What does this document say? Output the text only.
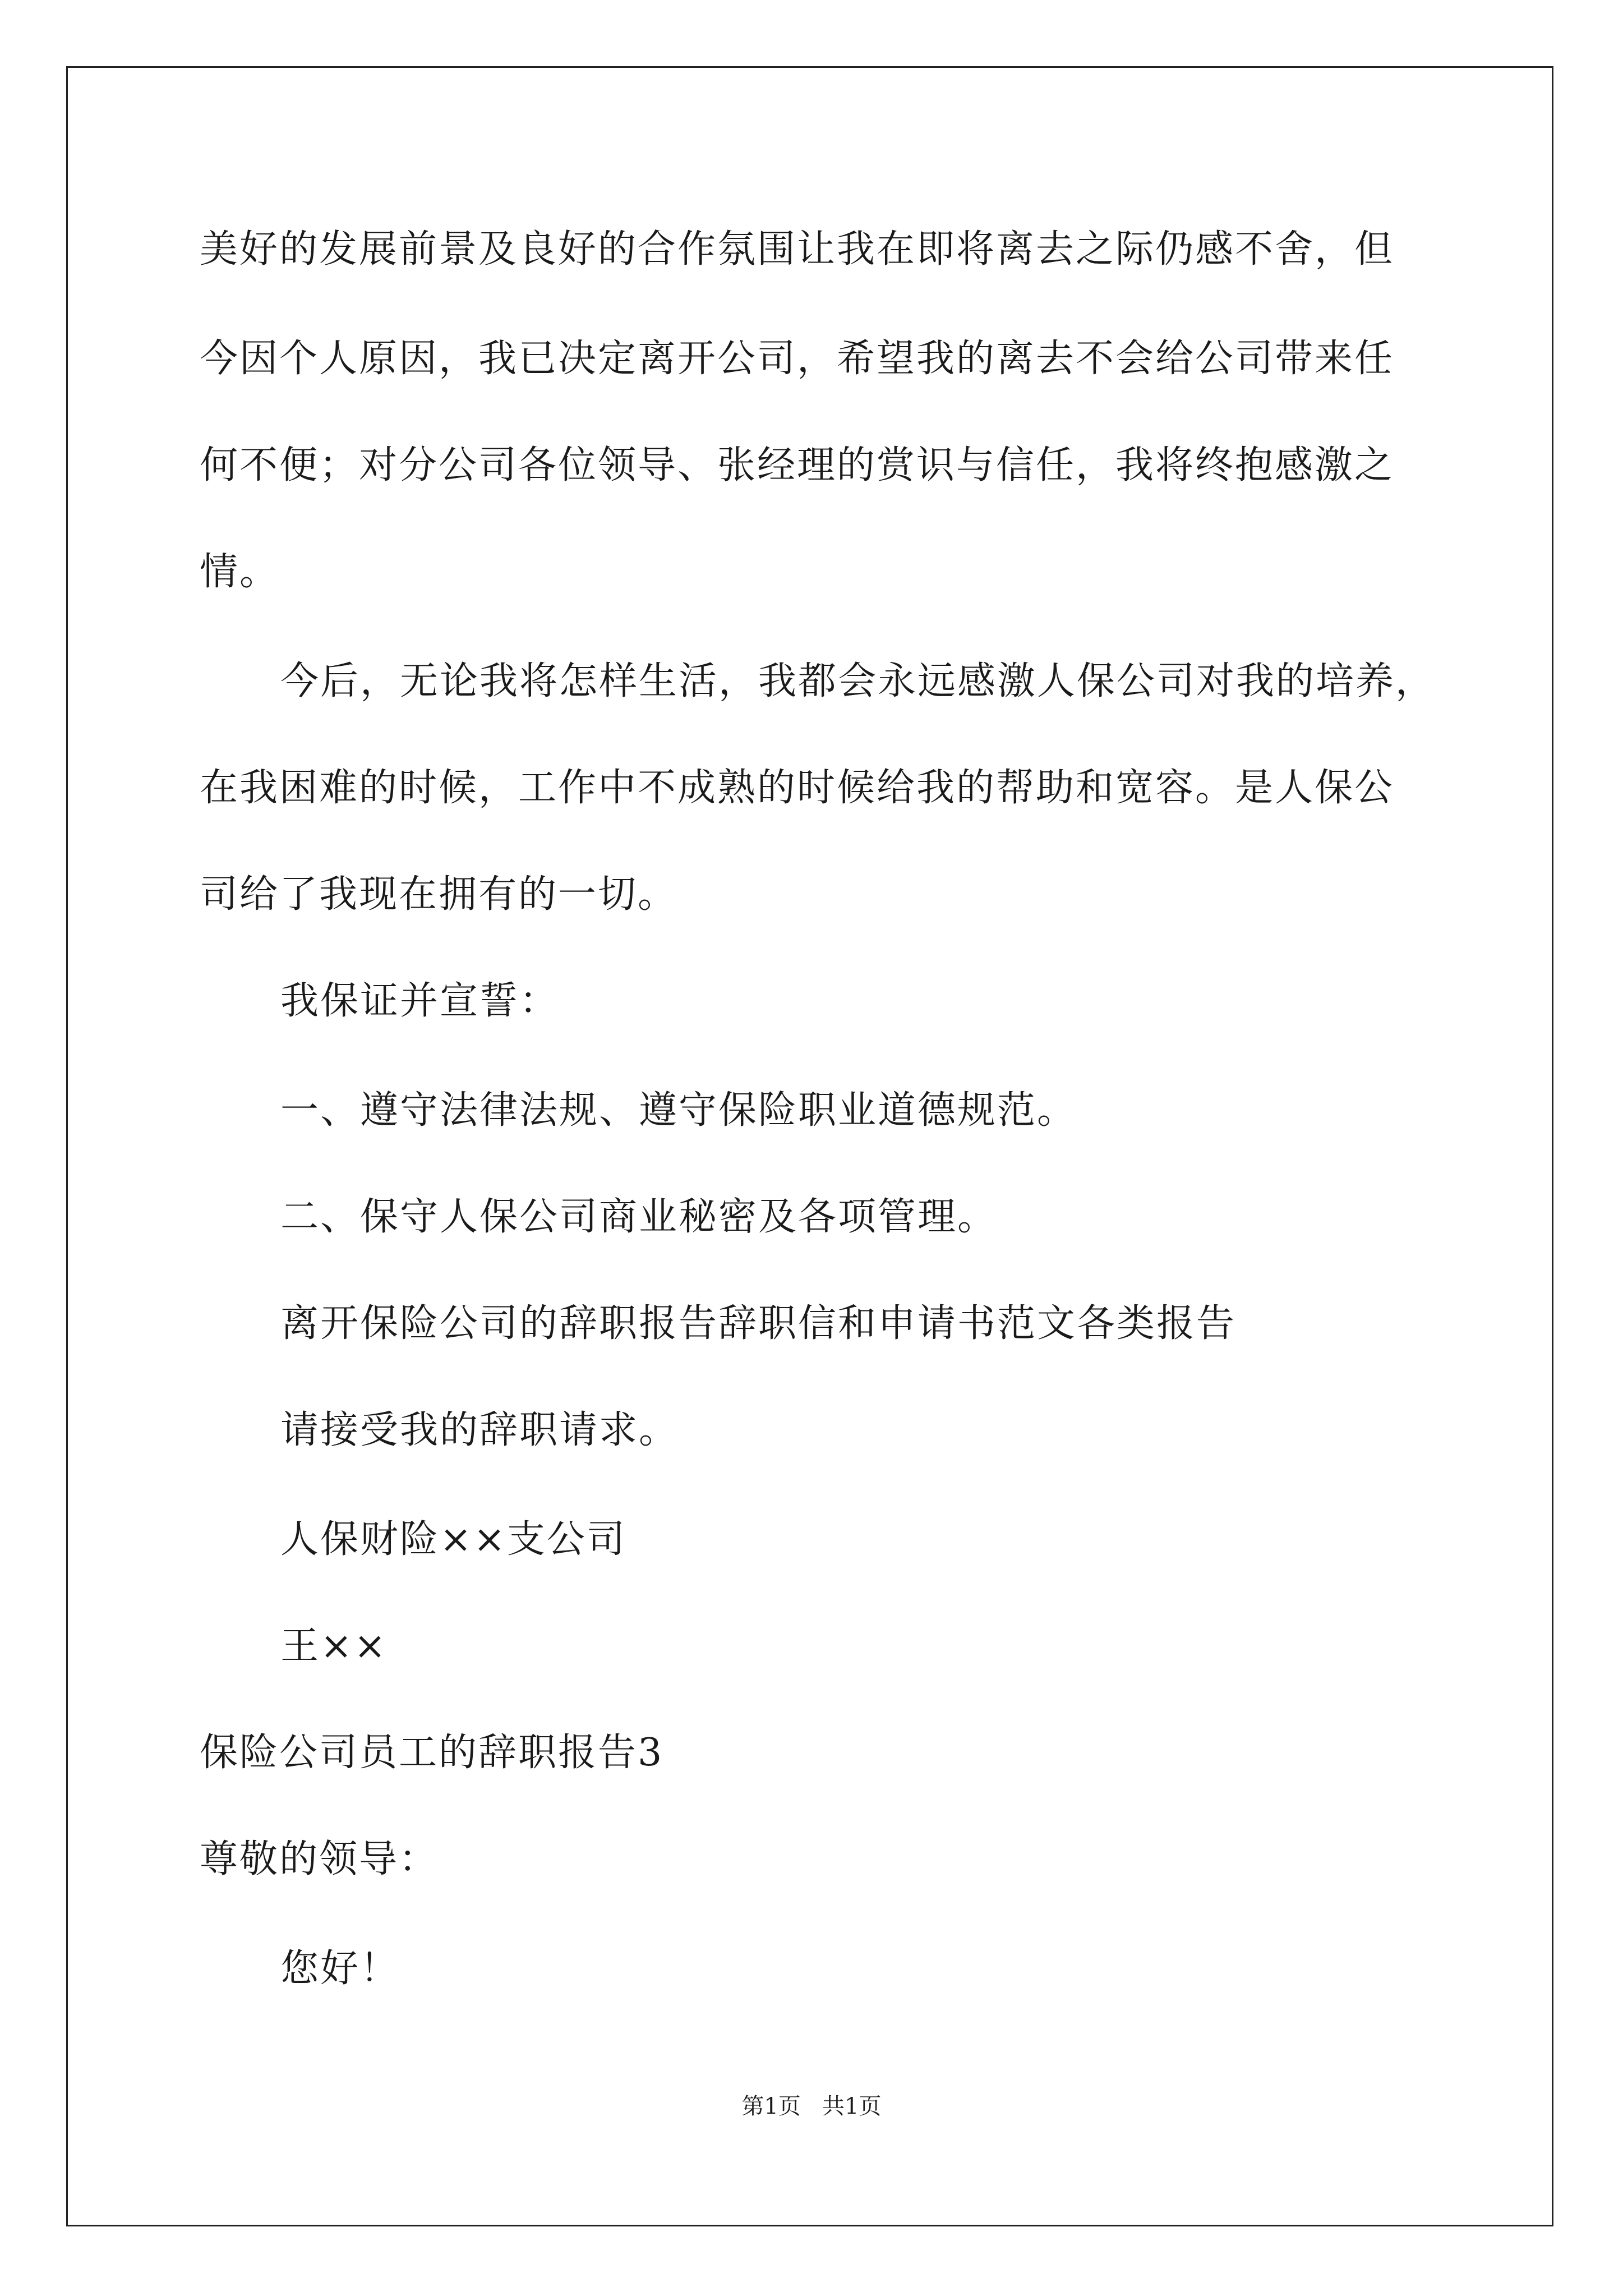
美好的发展前景及良好的合作氛围让我在即将离去之际仍感不舍，但
今因个人原因，我已决定离开公司，希望我的离去不会给公司带来任
何不便；对分公司各位领导、张经理的赏识与信任，我将终抱感激之
情。
今后，无论我将怎样生活，我都会永远感激人保公司对我的培养，
在我困难的时候，工作中不成熟的时候给我的帮助和宽容。是人保公
司给了我现在拥有的一切。
我保证并宣誓：
一、遵守法律法规、遵守保险职业道德规范。
二、保守人保公司商业秘密及各项管理。
离开保险公司的辞职报告辞职信和申请书范文各类报告
请接受我的辞职请求。
人保财险××支公司
王××
保险公司员工的辞职报告3
尊敬的领导：
您好！
第1页   共1页
